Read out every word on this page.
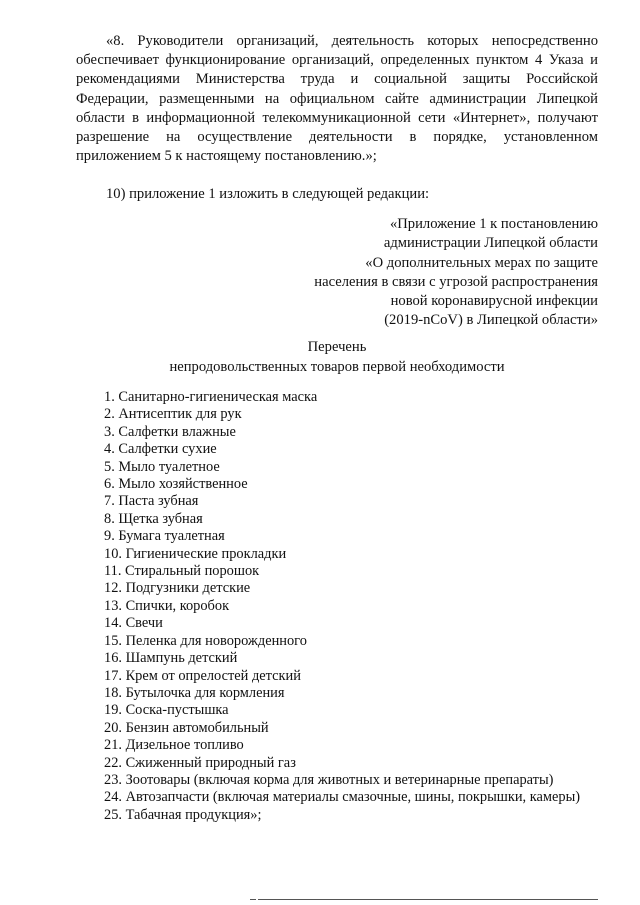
«8. Руководители организаций, деятельность которых непосредственно обеспечивает функционирование организаций, определенных пунктом 4 Указа и рекомендациями Министерства труда и социальной защиты Российской Федерации, размещенными на официальном сайте администрации Липецкой области в информационной телекоммуникационной сети «Интернет», получают разрешение на осуществление деятельности в порядке, установленном приложением 5 к настоящему постановлению.»;

10) приложение 1 изложить в следующей редакции:

«Приложение 1 к постановлению
администрации Липецкой области
«О дополнительных мерах по защите
населения в связи с угрозой распространения
новой коронавирусной инфекции
(2019-nCoV) в Липецкой области»
Перечень
непродовольственных товаров первой необходимости
1. Санитарно-гигиеническая маска
2. Антисептик для рук
3. Салфетки влажные
4. Салфетки сухие
5. Мыло туалетное
6. Мыло хозяйственное
7. Паста зубная
8. Щетка зубная
9. Бумага туалетная
10. Гигиенические прокладки
11. Стиральный порошок
12. Подгузники детские
13. Спички, коробок
14. Свечи
15. Пеленка для новорожденного
16. Шампунь детский
17. Крем от опрелостей детский
18. Бутылочка для кормления
19. Соска-пустышка
20. Бензин автомобильный
21. Дизельное топливо
22. Сжиженный природный газ
23. Зоотовары (включая корма для животных и ветеринарные препараты)
24. Автозапчасти (включая материалы смазочные, шины, покрышки, камеры)
25. Табачная продукция»;
